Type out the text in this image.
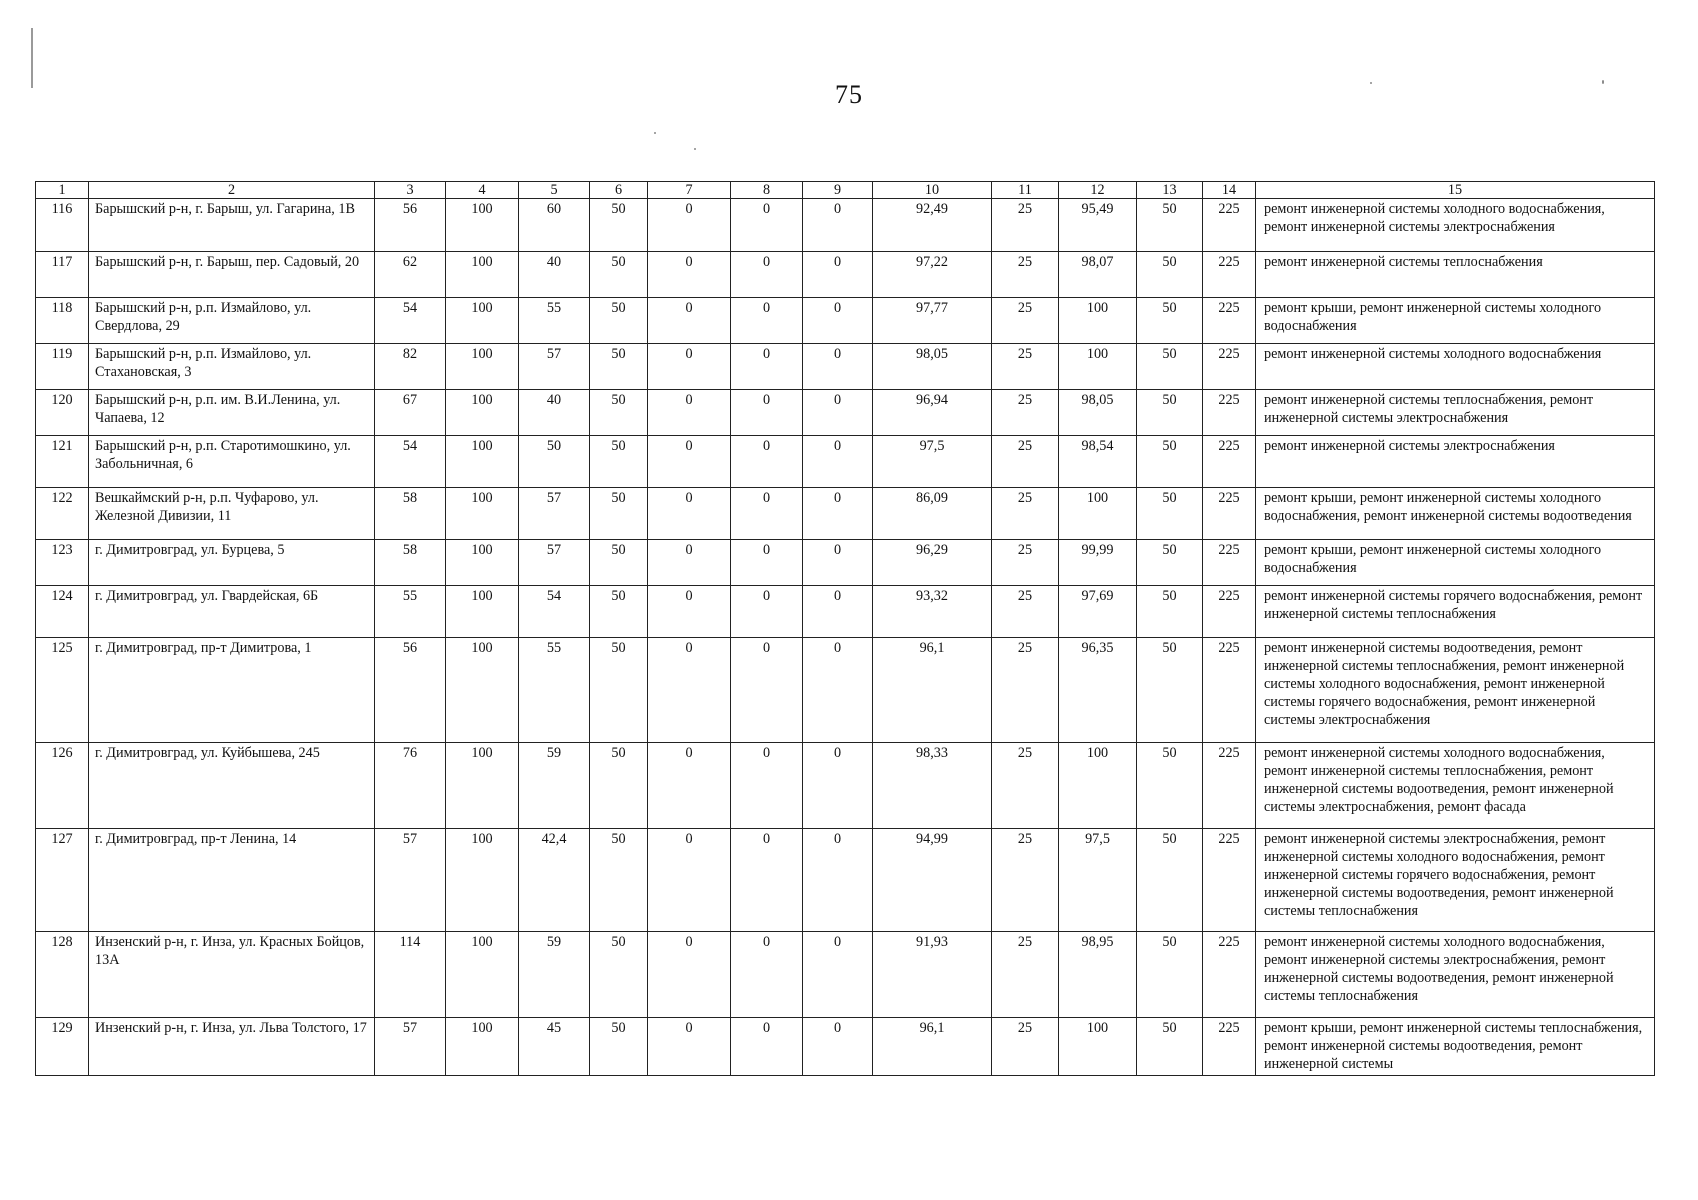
75
1	2	3	4	5	6	7	8	9	10	11	12	13	14	15
116	Барышский р-н, г. Барыш, ул. Гагарина, 1В	56	100	60	50	0	0	0	92,49	25	95,49	50	225	ремонт инженерной системы холодного водоснабжения, ремонт инженерной системы электроснабжения
117	Барышский р-н, г. Барыш, пер. Садовый, 20	62	100	40	50	0	0	0	97,22	25	98,07	50	225	ремонт инженерной системы теплоснабжения
118	Барышский р-н, р.п. Измайлово, ул. Свердлова, 29	54	100	55	50	0	0	0	97,77	25	100	50	225	ремонт крыши, ремонт инженерной системы холодного водоснабжения
119	Барышский р-н, р.п. Измайлово, ул. Стахановская, 3	82	100	57	50	0	0	0	98,05	25	100	50	225	ремонт инженерной системы холодного водоснабжения
120	Барышский р-н, р.п. им. В.И.Ленина, ул. Чапаева, 12	67	100	40	50	0	0	0	96,94	25	98,05	50	225	ремонт инженерной системы теплоснабжения, ремонт инженерной системы электроснабжения
121	Барышский р-н, р.п. Старотимошкино, ул. Забольничная, 6	54	100	50	50	0	0	0	97,5	25	98,54	50	225	ремонт инженерной системы электроснабжения
122	Вешкаймский р-н, р.п. Чуфарово, ул. Железной Дивизии, 11	58	100	57	50	0	0	0	86,09	25	100	50	225	ремонт крыши, ремонт инженерной системы холодного водоснабжения, ремонт инженерной системы водоотведения
123	г. Димитровград, ул. Бурцева, 5	58	100	57	50	0	0	0	96,29	25	99,99	50	225	ремонт крыши, ремонт инженерной системы холодного водоснабжения
124	г. Димитровград, ул. Гвардейская, 6Б	55	100	54	50	0	0	0	93,32	25	97,69	50	225	ремонт инженерной системы горячего водоснабжения, ремонт инженерной системы теплоснабжения
125	г. Димитровград, пр-т Димитрова, 1	56	100	55	50	0	0	0	96,1	25	96,35	50	225	ремонт инженерной системы водоотведения, ремонт инженерной системы теплоснабжения, ремонт инженерной системы холодного водоснабжения, ремонт инженерной системы горячего водоснабжения, ремонт инженерной системы электроснабжения
126	г. Димитровград, ул. Куйбышева, 245	76	100	59	50	0	0	0	98,33	25	100	50	225	ремонт инженерной системы холодного водоснабжения, ремонт инженерной системы теплоснабжения, ремонт инженерной системы водоотведения, ремонт инженерной системы электроснабжения, ремонт фасада
127	г. Димитровград, пр-т Ленина, 14	57	100	42,4	50	0	0	0	94,99	25	97,5	50	225	ремонт инженерной системы электроснабжения, ремонт инженерной системы холодного водоснабжения, ремонт инженерной системы горячего водоснабжения, ремонт инженерной системы водоотведения, ремонт инженерной системы теплоснабжения
128	Инзенский р-н, г. Инза, ул. Красных Бойцов, 13А	114	100	59	50	0	0	0	91,93	25	98,95	50	225	ремонт инженерной системы холодного водоснабжения, ремонт инженерной системы электроснабжения, ремонт инженерной системы водоотведения, ремонт инженерной системы теплоснабжения
129	Инзенский р-н, г. Инза, ул. Льва Толстого, 17	57	100	45	50	0	0	0	96,1	25	100	50	225	ремонт крыши, ремонт инженерной системы теплоснабжения, ремонт инженерной системы водоотведения, ремонт инженерной системы
